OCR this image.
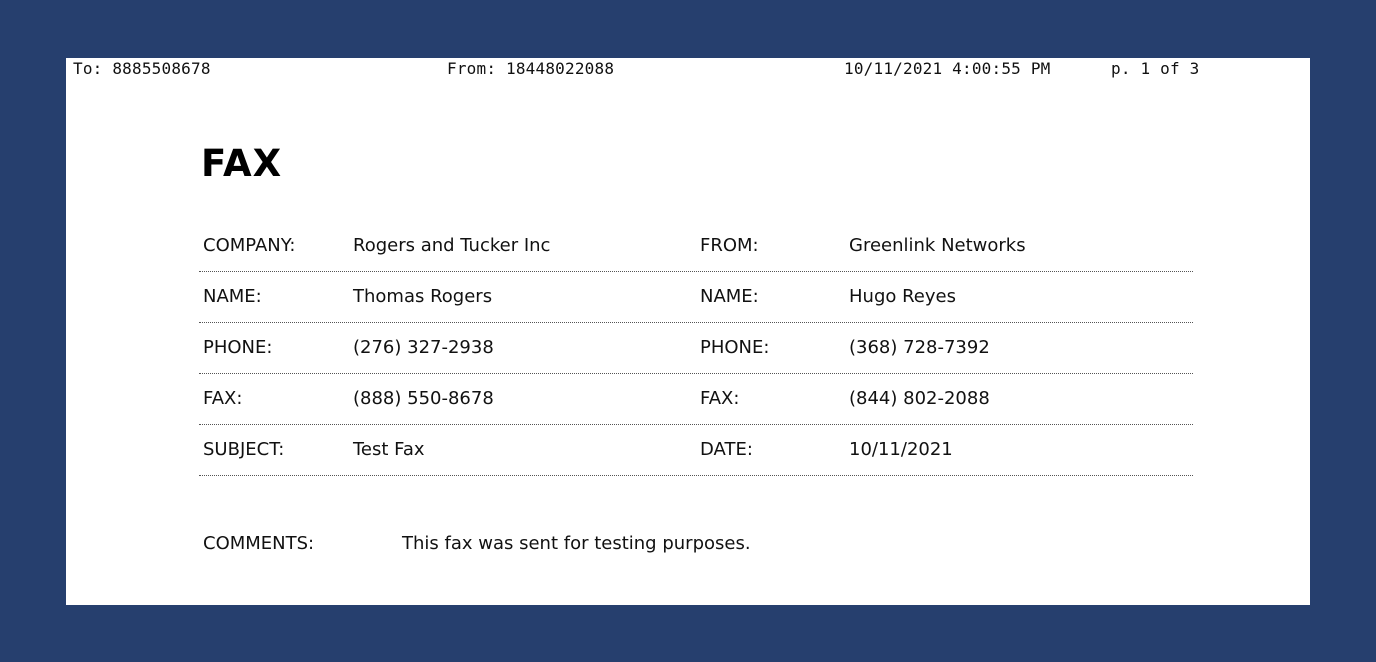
To: 8885508678	From: 18448022088	10/11/2021 4:00:55 PM	p. 1 of 3
FAX
COMPANY:	Rogers and Tucker Inc	FROM:	Greenlink Networks
NAME:	Thomas Rogers	NAME:	Hugo Reyes
PHONE:	(276) 327-2938	PHONE:	(368) 728-7392
FAX:	(888) 550-8678	FAX:	(844) 802-2088
SUBJECT:	Test Fax	DATE:	10/11/2021
COMMENTS:	This fax was sent for testing purposes.
